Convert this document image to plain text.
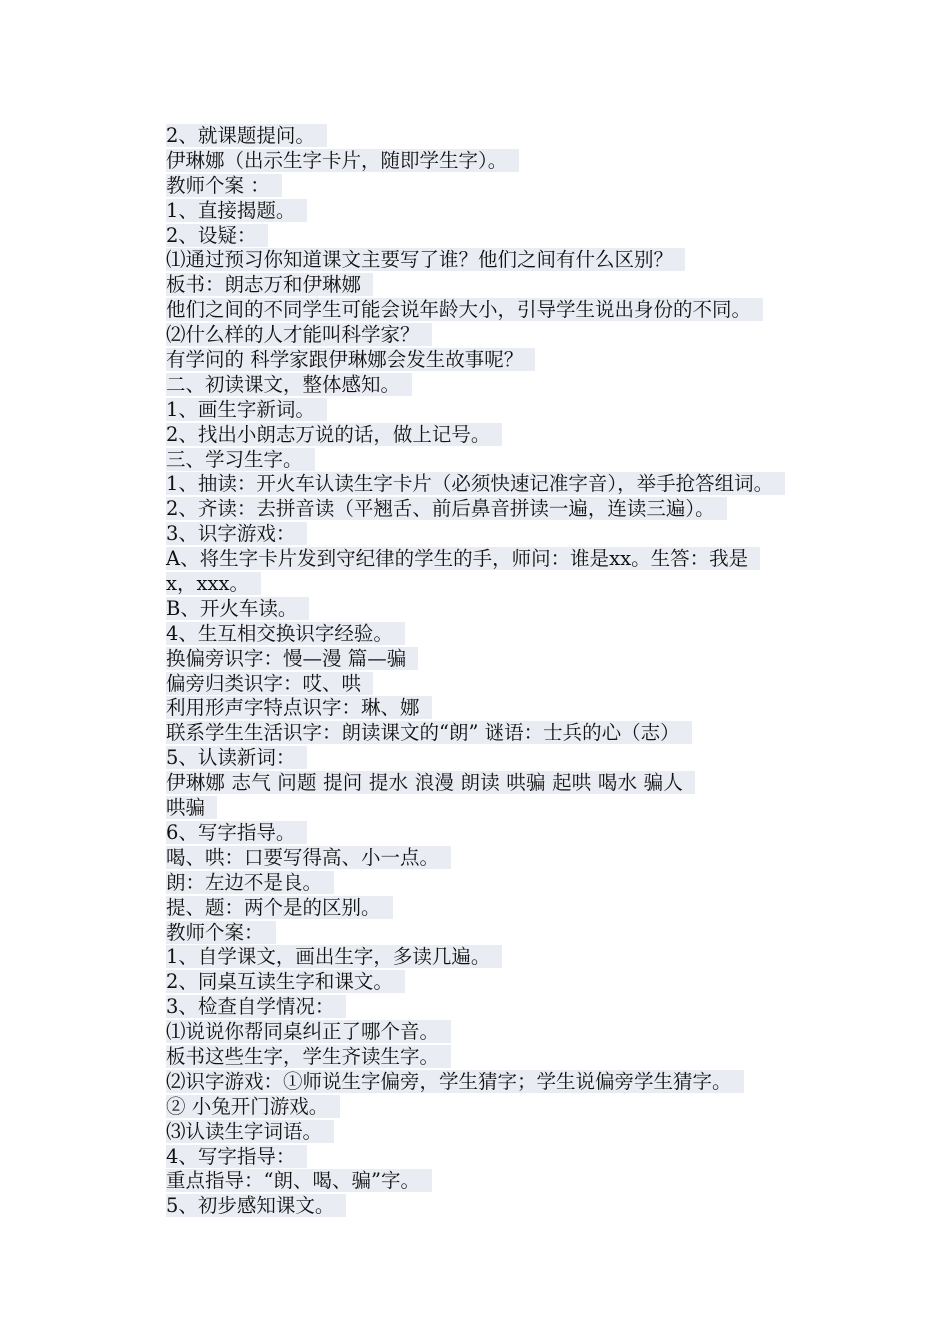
2、就课题提问。
伊琳娜（出示生字卡片，随即学生字）。
教师个案 ：
1、直接揭题。
2、设疑：
⑴通过预习你知道课文主要写了谁？他们之间有什么区别？
板书：朗志万和伊琳娜
他们之间的不同学生可能会说年龄大小，引导学生说出身份的不同。
⑵什么样的人才能叫科学家？
有学问的 科学家跟伊琳娜会发生故事呢？
二、初读课文，整体感知。
1、画生字新词。
2、找出小朗志万说的话，做上记号。
三、学习生字。
1、抽读：开火车认读生字卡片（必须快速记准字音），举手抢答组词。
2、齐读：去拼音读（平翘舌、前后鼻音拼读一遍，连读三遍）。
3、识字游戏：
A、将生字卡片发到守纪律的学生的手，师问：谁是xx。生答：我是
x，xxx。
B、开火车读。
4、生互相交换识字经验。
换偏旁识字：慢—漫 篇—骗
偏旁归类识字：哎、哄
利用形声字特点识字：琳、娜
联系学生生活识字：朗读课文的“朗” 谜语：士兵的心（志）
5、认读新词：
伊琳娜 志气 问题 提问 提水 浪漫 朗读 哄骗 起哄 喝水 骗人
哄骗
6、写字指导。
喝、哄：口要写得高、小一点。
朗：左边不是良。
提、题：两个是的区别。
教师个案：
1、自学课文，画出生字，多读几遍。
2、同桌互读生字和课文。
3、检查自学情况：
⑴说说你帮同桌纠正了哪个音。
板书这些生字，学生齐读生字。
⑵识字游戏：①师说生字偏旁，学生猜字；学生说偏旁学生猜字。
② 小兔开门游戏。
⑶认读生字词语。
4、写字指导：
重点指导：“朗、喝、骗”字。
5、初步感知课文。
